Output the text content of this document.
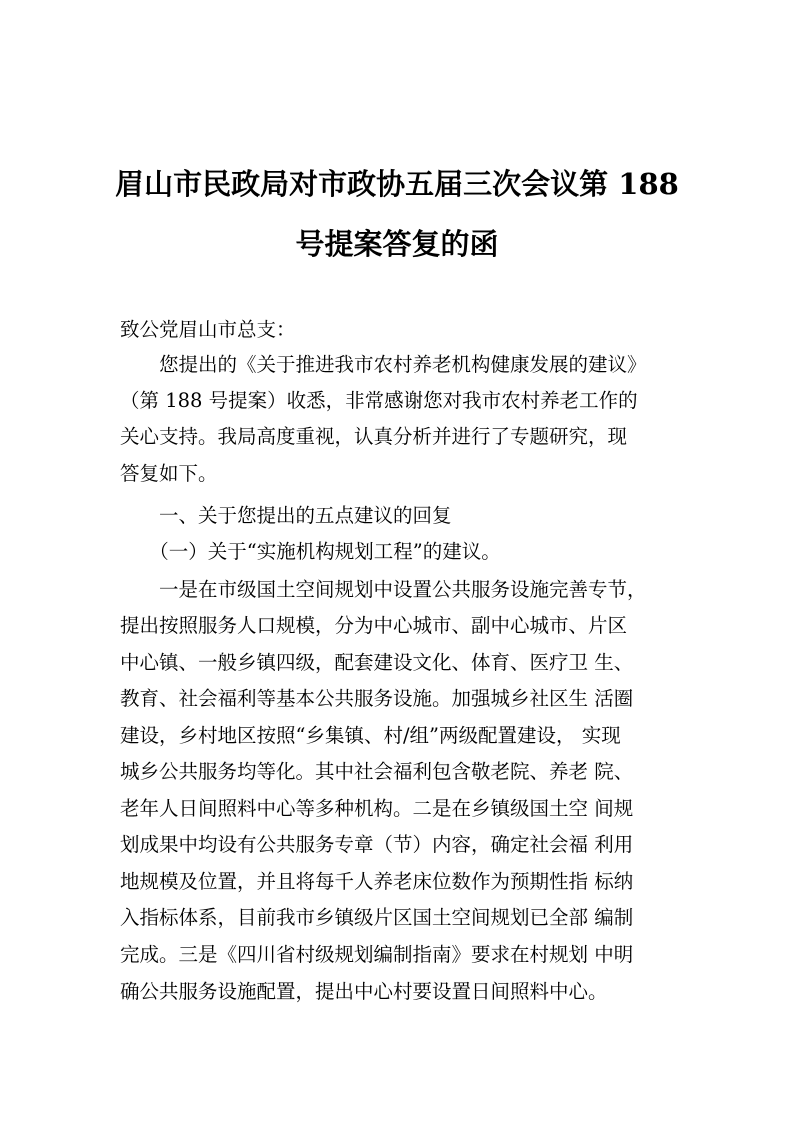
眉山市民政局对市政协五届三次会议第 188
号提案答复的函
致公党眉山市总支：
　　您提出的《关于推进我市农村养老机构健康发展的建议》
（第 188 号提案）收悉，非常感谢您对我市农村养老工作的
关心支持。我局高度重视，认真分析并进行了专题研究，现
答复如下。
　　一、关于您提出的五点建议的回复
　　（一）关于“实施机构规划工程”的建议。
　　一是在市级国土空间规划中设置公共服务设施完善专节，
提出按照服务人口规模，分为中心城市、副中心城市、片区
中心镇、一般乡镇四级，配套建设文化、体育、医疗卫 生、
教育、社会福利等基本公共服务设施。加强城乡社区生 活圈
建设，乡村地区按照“乡集镇、村/组”两级配置建设， 实现
城乡公共服务均等化。其中社会福利包含敬老院、养老 院、
老年人日间照料中心等多种机构。二是在乡镇级国土空 间规
划成果中均设有公共服务专章（节）内容，确定社会福 利用
地规模及位置，并且将每千人养老床位数作为预期性指 标纳
入指标体系，目前我市乡镇级片区国土空间规划已全部 编制
完成。三是《四川省村级规划编制指南》要求在村规划 中明
确公共服务设施配置，提出中心村要设置日间照料中心。
